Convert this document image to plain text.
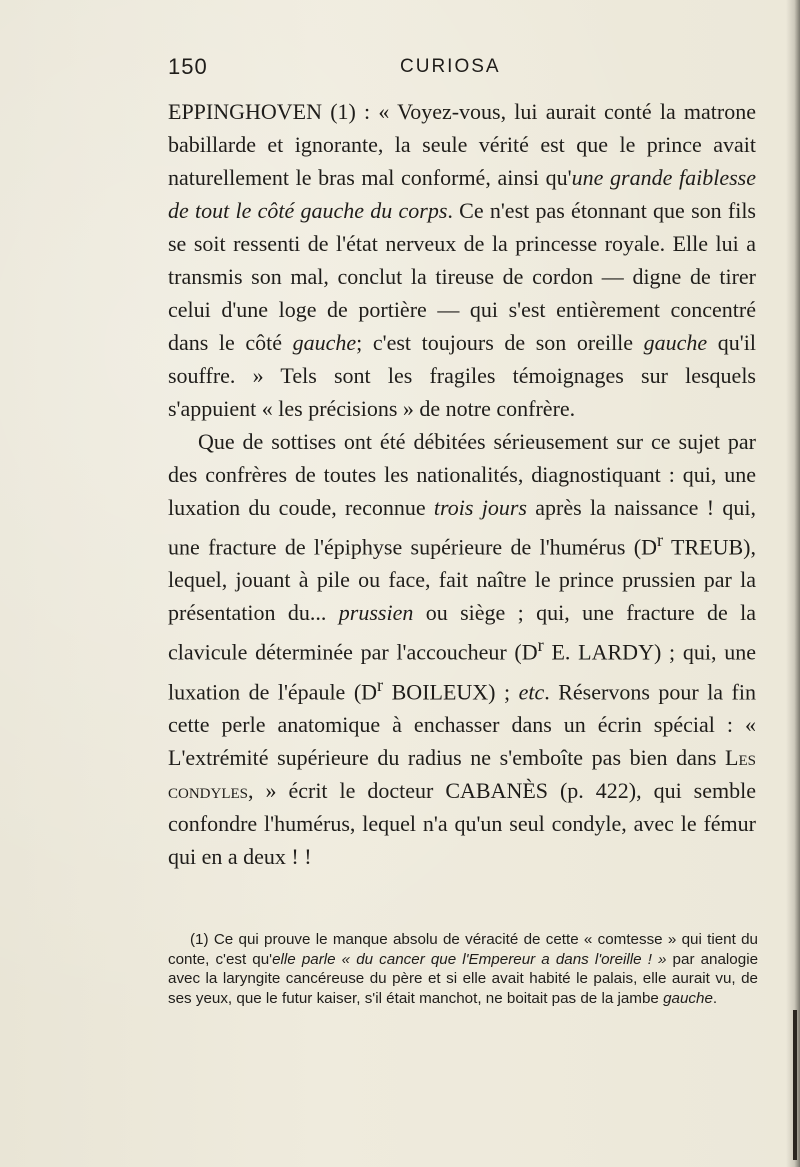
150	CURIOSA

EPPINGHOVEN (1) : « Voyez-vous, lui aurait conté la matrone babillarde et ignorante, la seule vérité est que le prince avait naturellement le bras mal conformé, ainsi qu'une grande faiblesse de tout le côté gauche du corps. Ce n'est pas étonnant que son fils se soit ressenti de l'état nerveux de la princesse royale. Elle lui a transmis son mal, conclut la tireuse de cordon — digne de tirer celui d'une loge de portière — qui s'est entièrement concentré dans le côté gauche; c'est toujours de son oreille gauche qu'il souffre. » Tels sont les fragiles témoignages sur lesquels s'appuient « les précisions » de notre confrère.

Que de sottises ont été débitées sérieusement sur ce sujet par des confrères de toutes les nationalités, diagnostiquant : qui, une luxation du coude, reconnue trois jours après la naissance ! qui, une fracture de l'épiphyse supérieure de l'humérus ($D^r$ TREUB), lequel, jouant à pile ou face, fait naître le prince prussien par la présentation du... prussien ou siège ; qui, une fracture de la clavicule déterminée par l'accoucheur ($D^r$ E. LARDY) ; qui, une luxation de l'épaule ($D^r$ BOILEUX) ; etc. Réservons pour la fin cette perle anatomique à enchasser dans un écrin spécial : « L'extrémité supérieure du radius ne s'emboîte pas bien dans Les condyles, » écrit le docteur CABANÈS (p. 422), qui semble confondre l'humérus, lequel n'a qu'un seul condyle, avec le fémur qui en a deux ! !

(1) Ce qui prouve le manque absolu de véracité de cette « comtesse » qui tient du conte, c'est qu'elle parle « du cancer que l'Empereur a dans l'oreille ! » par analogie avec la laryngite cancéreuse du père et si elle avait habité le palais, elle aurait vu, de ses yeux, que le futur kaiser, s'il était manchot, ne boitait pas de la jambe gauche.
